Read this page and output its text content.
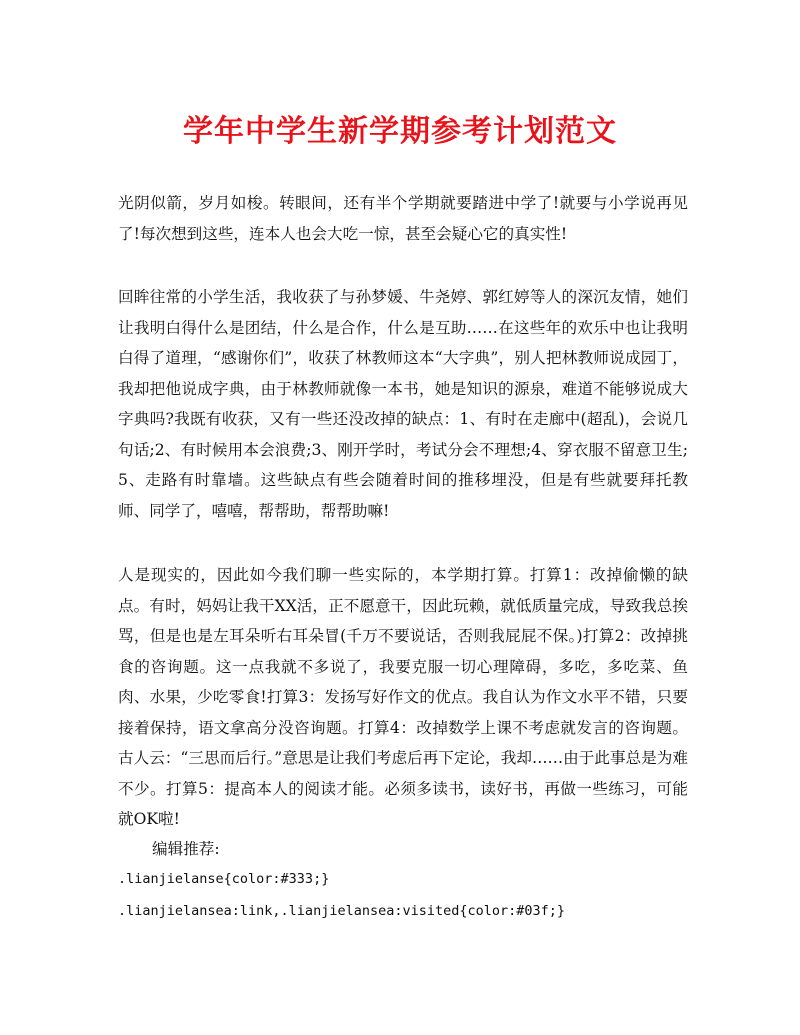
学年中学生新学期参考计划范文

光阴似箭，岁月如梭。转眼间，还有半个学期就要踏进中学了!就要与小学说再见了!每次想到这些，连本人也会大吃一惊，甚至会疑心它的真实性!

回眸往常的小学生活，我收获了与孙梦媛、牛尧婷、郭红婷等人的深沉友情，她们让我明白得什么是团结，什么是合作，什么是互助……在这些年的欢乐中也让我明白得了道理，“感谢你们”，收获了林教师这本“大字典”，别人把林教师说成园丁，我却把他说成字典，由于林教师就像一本书，她是知识的源泉，难道不能够说成大字典吗?我既有收获，又有一些还没改掉的缺点：1、有时在走廊中(超乱)，会说几句话;2、有时候用本会浪费;3、刚开学时，考试分会不理想;4、穿衣服不留意卫生;5、走路有时靠墙。这些缺点有些会随着时间的推移埋没，但是有些就要拜托教师、同学了，嘻嘻，帮帮助，帮帮助嘛!

人是现实的，因此如今我们聊一些实际的，本学期打算。打算1：改掉偷懒的缺点。有时，妈妈让我干XX活，正不愿意干，因此玩赖，就低质量完成，导致我总挨骂，但是也是左耳朵听右耳朵冒(千万不要说话，否则我屁屁不保。)打算2：改掉挑食的咨询题。这一点我就不多说了，我要克服一切心理障碍，多吃，多吃菜、鱼肉、水果，少吃零食!打算3：发扬写好作文的优点。我自认为作文水平不错，只要接着保持，语文拿高分没咨询题。打算4：改掉数学上课不考虑就发言的咨询题。古人云：“三思而后行。”意思是让我们考虑后再下定论，我却……由于此事总是为难不少。打算5：提高本人的阅读才能。必须多读书，读好书，再做一些练习，可能就OK啦!

编辑推荐:

.lianjielanse{color:#333;}

.lianjielansea:link,.lianjielansea:visited{color:#03f;}
